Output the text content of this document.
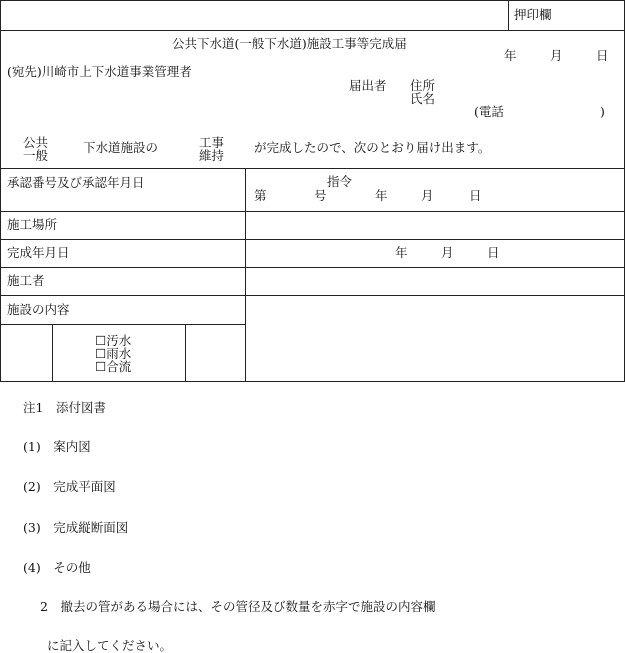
押印欄
公共下水道(一般下水道)施設工事等完成届
年	月	日
(宛先)川崎市上下水道事業管理者
届出者 住所
氏名
(電話	)
公共
一般
下水道施設の	工事
維持
が完成したので、次のとおり届け出ます。
承認番号及び承認年月日	指令
第	号	年	月	日
施工場所
完成年月日	年	月	日
施工者
施設の内容
☐汚水
☐雨水
☐合流
注1　添付図書
(1)　案内図
(2)　完成平面図
(3)　完成縦断面図
(4)　その他
2　撤去の管がある場合には、その管径及び数量を赤字で施設の内容欄
に記入してください。
